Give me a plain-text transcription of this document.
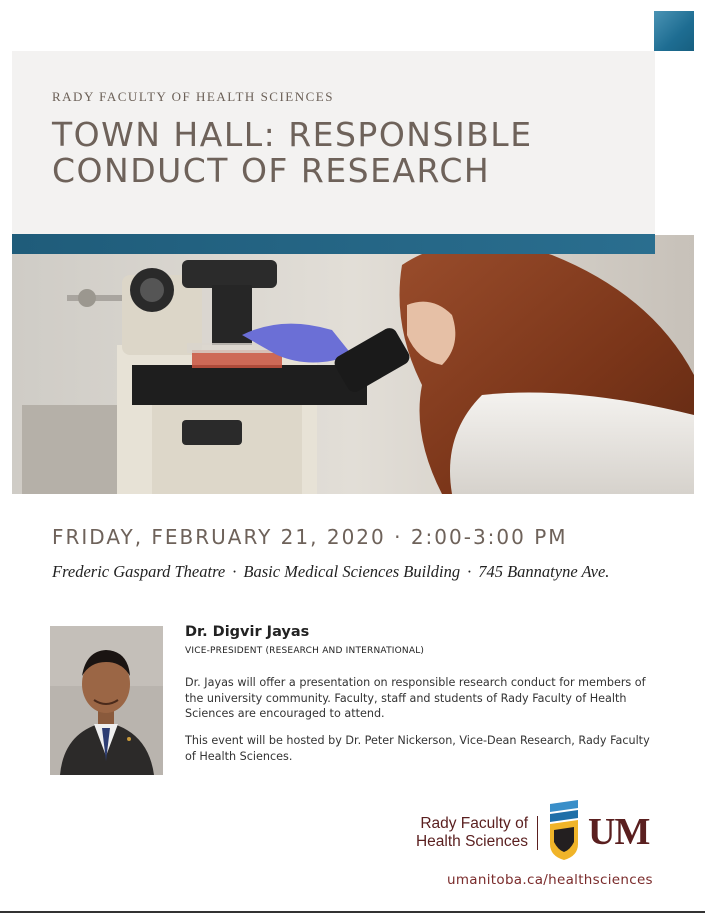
RADY FACULTY OF HEALTH SCIENCES
TOWN HALL: RESPONSIBLE
CONDUCT OF RESEARCH
FRIDAY, FEBRUARY 21, 2020 · 2:00-3:00 PM
Frederic Gaspard Theatre · Basic Medical Sciences Building · 745 Bannatyne Ave.
Dr. Digvir Jayas
VICE-PRESIDENT (RESEARCH AND INTERNATIONAL)

Dr. Jayas will offer a presentation on responsible research conduct for members of the university community. Faculty, staff and students of Rady Faculty of Health Sciences are encouraged to attend.

This event will be hosted by Dr. Peter Nickerson, Vice-Dean Research, Rady Faculty of Health Sciences.

Rady Faculty of
Health Sciences UM
umanitoba.ca/healthsciences
